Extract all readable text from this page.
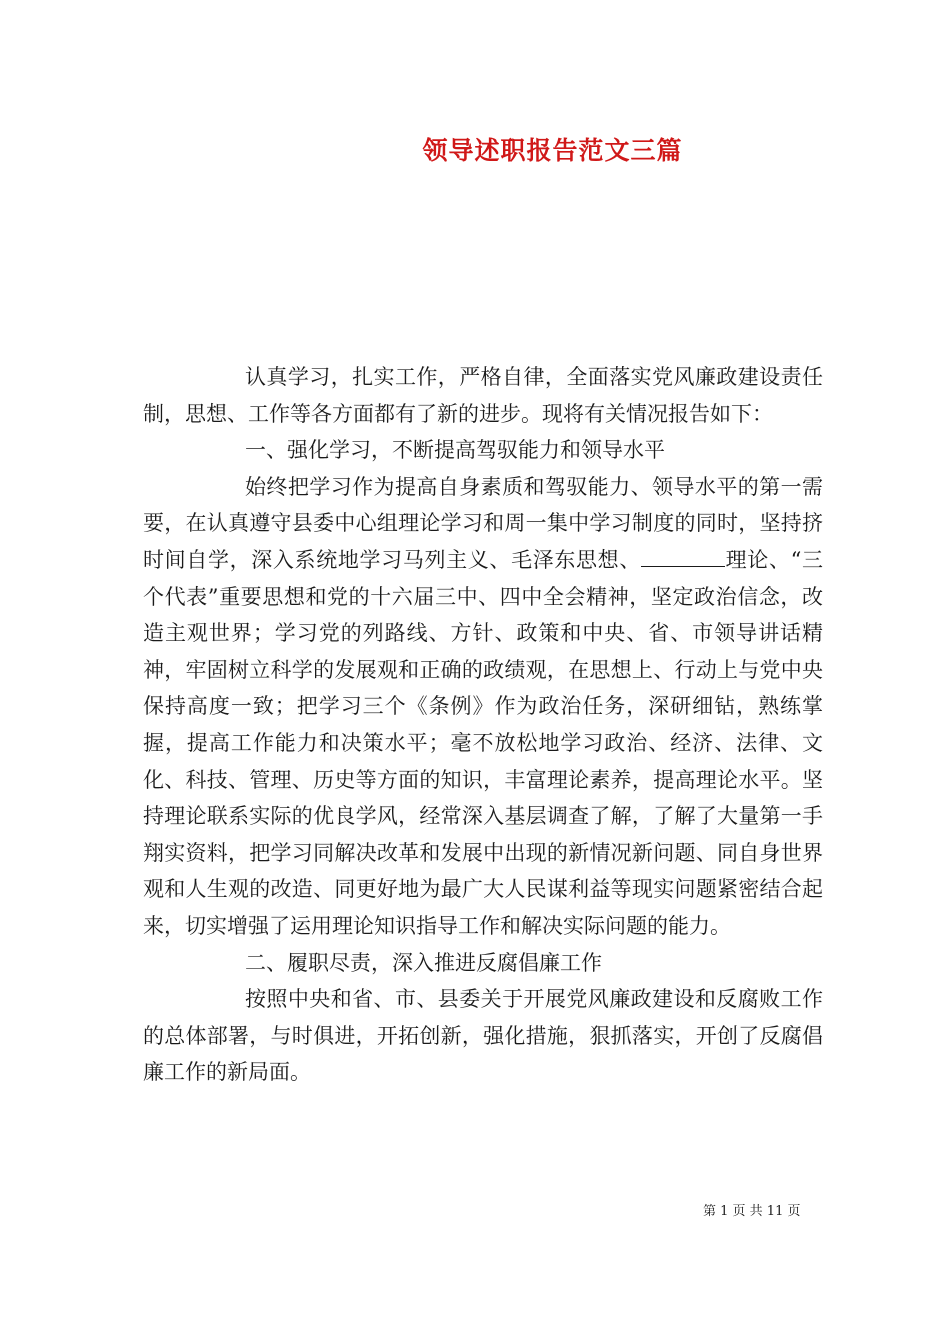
领导述职报告范文三篇

认真学习，扎实工作，严格自律，全面落实党风廉政建设责任制，思想、工作等各方面都有了新的进步。现将有关情况报告如下：

一、强化学习，不断提高驾驭能力和领导水平

始终把学习作为提高自身素质和驾驭能力、领导水平的第一需要，在认真遵守县委中心组理论学习和周一集中学习制度的同时，坚持挤时间自学，深入系统地学习马列主义、毛泽东思想、	理论、“三个代表”重要思想和党的十六届三中、四中全会精神，坚定政治信念，改造主观世界；学习党的列路线、方针、政策和中央、省、市领导讲话精神，牢固树立科学的发展观和正确的政绩观，在思想上、行动上与党中央保持高度一致；把学习三个《条例》作为政治任务，深研细钻，熟练掌握，提高工作能力和决策水平；毫不放松地学习政治、经济、法律、文化、科技、管理、历史等方面的知识，丰富理论素养，提高理论水平。坚持理论联系实际的优良学风，经常深入基层调查了解，了解了大量第一手翔实资料，把学习同解决改革和发展中出现的新情况新问题、同自身世界观和人生观的改造、同更好地为最广大人民谋利益等现实问题紧密结合起来，切实增强了运用理论知识指导工作和解决实际问题的能力。

二、履职尽责，深入推进反腐倡廉工作

按照中央和省、市、县委关于开展党风廉政建设和反腐败工作的总体部署，与时俱进，开拓创新，强化措施，狠抓落实，开创了反腐倡廉工作的新局面。

第 1 页 共 11 页
